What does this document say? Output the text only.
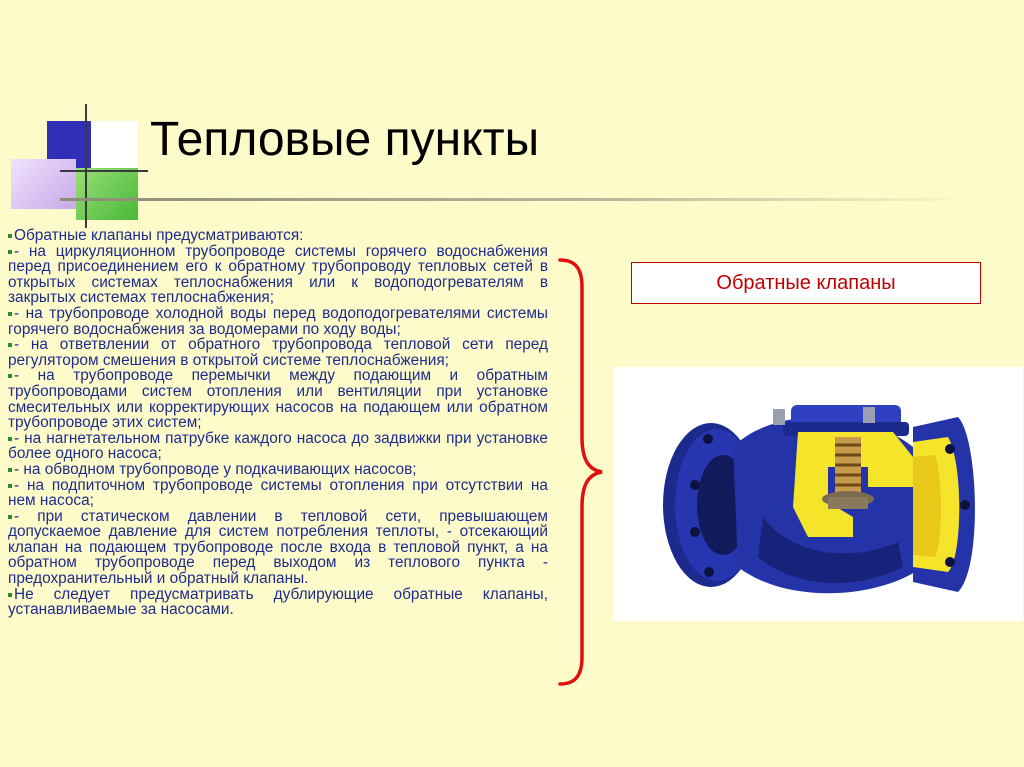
Тепловые пункты

Обратные клапаны предусматриваются:

- на циркуляционном трубопроводе системы горячего водоснабжения перед присоединением его к обратному трубопроводу тепловых сетей в открытых системах теплоснабжения или к водоподогревателям в закрытых системах теплоснабжения;

- на трубопроводе холодной воды перед водоподогревателями системы горячего водоснабжения за водомерами по ходу воды;

- на ответвлении от обратного трубопровода тепловой сети перед регулятором смешения в открытой системе теплоснабжения;

- на трубопроводе перемычки между подающим и обратным трубопроводами систем отопления или вентиляции при установке смесительных или корректирующих насосов на подающем или обратном трубопроводе этих систем;

- на нагнетательном патрубке каждого насоса до задвижки при установке более одного насоса;

- на обводном трубопроводе у подкачивающих насосов;

- на подпиточном трубопроводе системы отопления при отсутствии на нем насоса;

- при статическом давлении в тепловой сети, превышающем допускаемое давление для систем потребления теплоты, - отсекающий клапан на подающем трубопроводе после входа в тепловой пункт, а на обратном трубопроводе перед выходом из теплового пункта - предохранительный и обратный клапаны.

Не следует предусматривать дублирующие обратные клапаны, устанавливаемые за насосами.

Обратные клапаны
